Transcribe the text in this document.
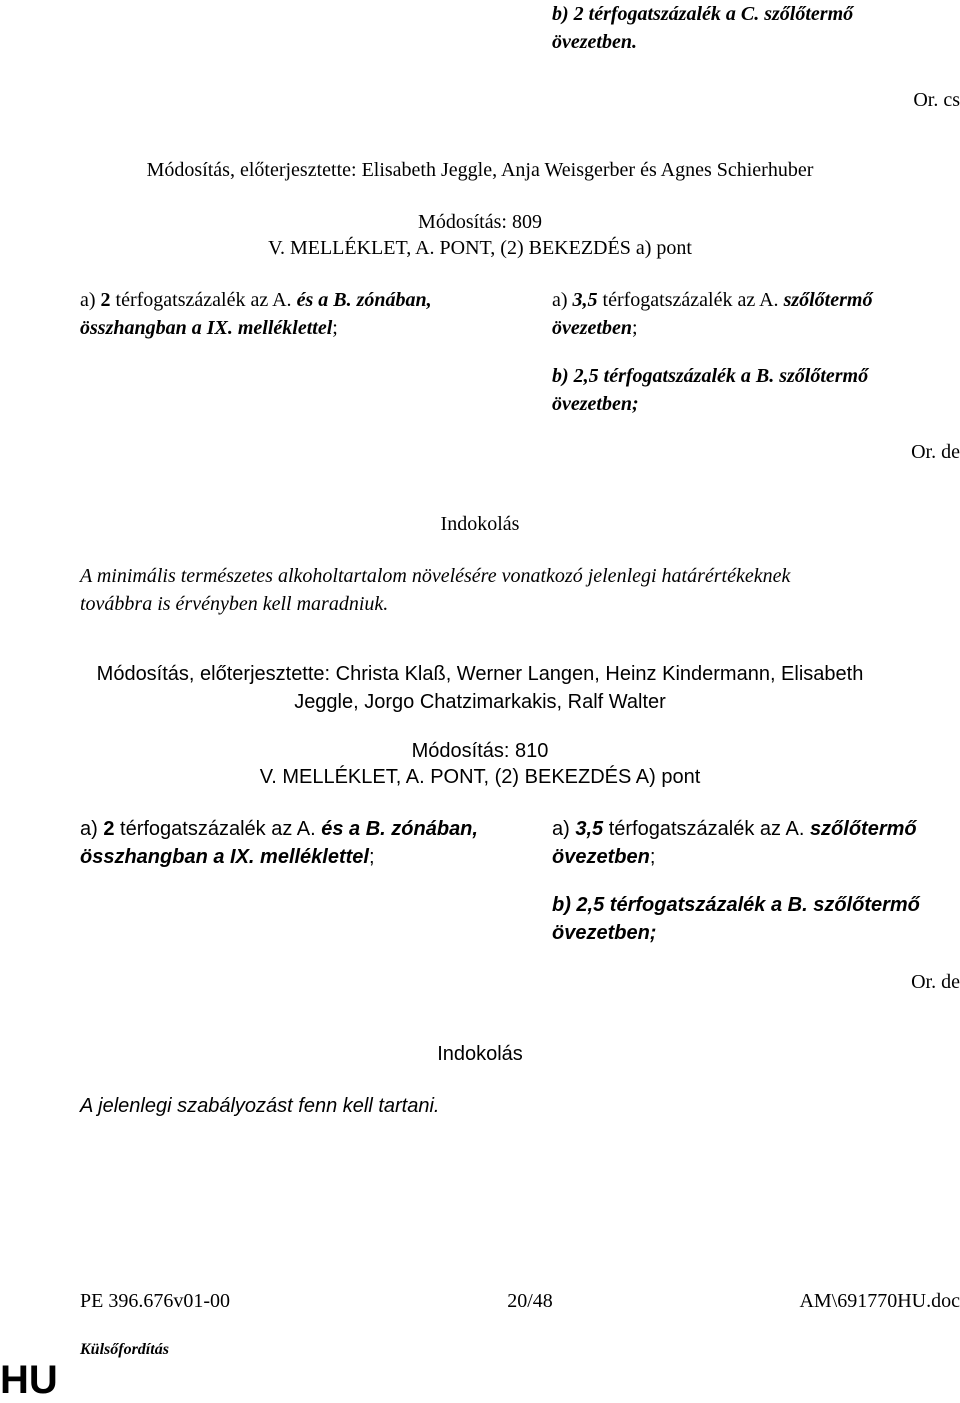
b) 2 térfogatszázalék a C. szőlőtermő
övezetben.
Or. cs
Módosítás, előterjesztette: Elisabeth Jeggle, Anja Weisgerber és Agnes Schierhuber
Módosítás: 809
V. MELLÉKLET, A. PONT, (2) BEKEZDÉS a) pont
a) 2 térfogatszázalék az A. és a B. zónában,
összhangban a IX. melléklettel;
a) 3,5 térfogatszázalék az A. szőlőtermő
övezetben;
b) 2,5 térfogatszázalék a B. szőlőtermő
övezetben;
Or. de
Indokolás
A minimális természetes alkoholtartalom növelésére vonatkozó jelenlegi határértékeknek
továbbra is érvényben kell maradniuk.
Módosítás, előterjesztette: Christa Klaß, Werner Langen, Heinz Kindermann, Elisabeth
Jeggle, Jorgo Chatzimarkakis, Ralf Walter
Módosítás: 810
V. MELLÉKLET, A. PONT, (2) BEKEZDÉS A) pont
a) 2 térfogatszázalék az A. és a B. zónában,
összhangban a IX. melléklettel;
a) 3,5 térfogatszázalék az A. szőlőtermő
övezetben;
b) 2,5 térfogatszázalék a B. szőlőtermő
övezetben;
Or. de
Indokolás
A jelenlegi szabályozást fenn kell tartani.
PE 396.676v01-00	20/48	AM\691770HU.doc
Külsőfordítás
HU
